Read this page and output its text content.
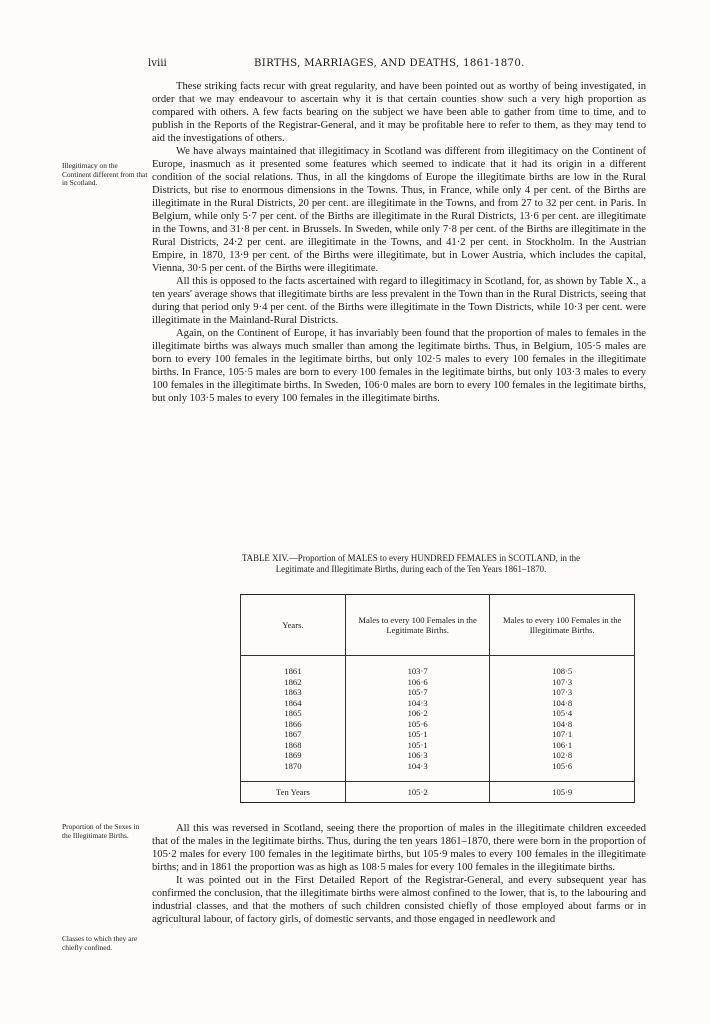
lviii	BIRTHS, MARRIAGES, AND DEATHS, 1861-1870.

These striking facts recur with great regularity, and have been pointed out as worthy of being investigated, in order that we may endeavour to ascertain why it is that certain counties show such a very high proportion as compared with others. A few facts bearing on the subject we have been able to gather from time to time, and to publish in the Reports of the Registrar-General, and it may be profitable here to refer to them, as they may tend to aid the investigations of others.

We have always maintained that illegitimacy in Scotland was different from illegitimacy on the Continent of Europe, inasmuch as it presented some features which seemed to indicate that it had its origin in a different condition of the social relations. Thus, in all the kingdoms of Europe the illegitimate births are low in the Rural Districts, but rise to enormous dimensions in the Towns. Thus, in France, while only 4 per cent. of the Births are illegitimate in the Rural Districts, 20 per cent. are illegitimate in the Towns, and from 27 to 32 per cent. in Paris. In Belgium, while only 5·7 per cent. of the Births are illegitimate in the Rural Districts, 13·6 per cent. are illegitimate in the Towns, and 31·8 per cent. in Brussels. In Sweden, while only 7·8 per cent. of the Births are illegitimate in the Rural Districts, 24·2 per cent. are illegitimate in the Towns, and 41·2 per cent. in Stockholm. In the Austrian Empire, in 1870, 13·9 per cent. of the Births were illegitimate, but in Lower Austria, which includes the capital, Vienna, 30·5 per cent. of the Births were illegitimate.

All this is opposed to the facts ascertained with regard to illegitimacy in Scotland, for, as shown by Table X., a ten years' average shows that illegitimate births are less prevalent in the Town than in the Rural Districts, seeing that during that period only 9·4 per cent. of the Births were illegitimate in the Town Districts, while 10·3 per cent. were illegitimate in the Mainland-Rural Districts.

Again, on the Continent of Europe, it has invariably been found that the proportion of males to females in the illegitimate births was always much smaller than among the legitimate births. Thus, in Belgium, 105·5 males are born to every 100 females in the legitimate births, but only 102·5 males to every 100 females in the illegitimate births. In France, 105·5 males are born to every 100 females in the legitimate births, but only 103·3 males to every 100 females in the illegitimate births. In Sweden, 106·0 males are born to every 100 females in the legitimate births, but only 103·5 males to every 100 females in the illegitimate births.

Illegitimacy on the Continent different from that in Scotland.
TABLE XIV.—Proportion of MALES to every HUNDRED FEMALES in SCOTLAND, in the
Legitimate and Illegitimate Births, during each of the Ten Years 1861–1870.
Years.	Males to every 100 Females in the Legitimate Births.	Males to every 100 Females in the Illegitimate Births.

1861	103·7	108·5
1862	106·6	107·3
1863	105·7	107·3
1864	104·3	104·8
1865	106·2	105·4
1866	105·6	104·8
1867	105·1	107·1
1868	105·1	106·1
1869	106·3	102·8
1870	104·3	105·6

Ten Years	105·2	105·9

All this was reversed in Scotland, seeing there the proportion of males in the illegitimate children exceeded that of the males in the legitimate births. Thus, during the ten years 1861–1870, there were born in the proportion of 105·2 males for every 100 females in the legitimate births, but 105·9 males to every 100 females in the illegitimate births; and in 1861 the proportion was as high as 108·5 males for every 100 females in the illegitimate births.

It was pointed out in the First Detailed Report of the Registrar-General, and every subsequent year has confirmed the conclusion, that the illegitimate births were almost confined to the lower, that is, to the labouring and industrial classes, and that the mothers of such children consisted chiefly of those employed about farms or in agricultural labour, of factory girls, of domestic servants, and those engaged in needlework and

Proportion of the Sexes in the Illegitimate Births.
Classes to which they are chiefly confined.
